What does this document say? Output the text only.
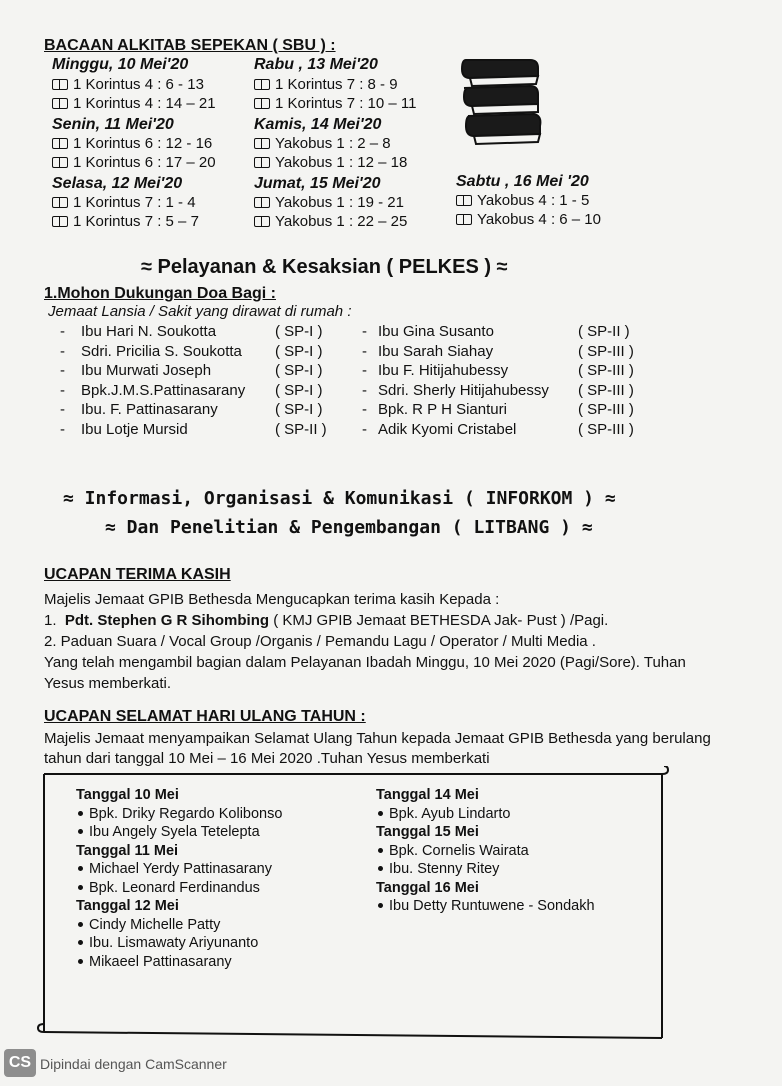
BACAAN ALKITAB SEPEKAN ( SBU ) :
Minggu, 10 Mei'20
1 Korintus 4 : 6 - 13
1 Korintus 4 : 14 – 21
Senin, 11 Mei'20
1 Korintus 6 : 12 - 16
1 Korintus 6 : 17 – 20
Selasa, 12 Mei'20
1 Korintus 7 : 1 - 4
1 Korintus 7 : 5 – 7
Rabu , 13 Mei'20
1 Korintus 7 : 8 - 9
1 Korintus 7 : 10 – 11
Kamis, 14 Mei'20
Yakobus 1 : 2 – 8
Yakobus 1 : 12 – 18
Jumat, 15 Mei'20
Yakobus 1 : 19 - 21
Yakobus 1 : 22 – 25
Sabtu , 16 Mei '20
Yakobus 4 : 1 - 5
Yakobus 4 : 6 – 10
≈ Pelayanan & Kesaksian ( PELKES ) ≈
1.Mohon Dukungan Doa Bagi :
Jemaat Lansia / Sakit yang dirawat di rumah :
- Ibu Hari N. Soukotta	( SP-I )
- Sdri. Pricilia S. Soukotta ( SP-I )
- Ibu Murwati Joseph	( SP-I )
- Bpk.J.M.S.Pattinasarany ( SP-I )
- Ibu. F. Pattinasarany	( SP-I )
- Ibu Lotje Mursid	( SP-II )
- Ibu Gina Susanto	( SP-II )
- Ibu Sarah Siahay	( SP-III )
- Ibu F. Hitijahubessy	( SP-III )
- Sdri. Sherly Hitijahubessy ( SP-III )
- Bpk. R P H Sianturi	( SP-III )
- Adik Kyomi Cristabel	( SP-III )
≈ Informasi, Organisasi & Komunikasi ( INFORKOM ) ≈
≈ Dan Penelitian & Pengembangan ( LITBANG ) ≈
UCAPAN TERIMA KASIH
Majelis Jemaat GPIB Bethesda Mengucapkan terima kasih Kepada :
1. Pdt. Stephen G R Sihombing ( KMJ GPIB Jemaat BETHESDA Jak- Pust ) /Pagi.
2. Paduan Suara / Vocal Group /Organis / Pemandu Lagu / Operator / Multi Media .
Yang telah mengambil bagian dalam Pelayanan Ibadah Minggu, 10 Mei 2020 (Pagi/Sore). Tuhan
Yesus memberkati.
UCAPAN SELAMAT HARI ULANG TAHUN :
Majelis Jemaat menyampaikan Selamat Ulang Tahun kepada Jemaat GPIB Bethesda yang berulang
tahun dari tanggal 10 Mei – 16 Mei 2020 .Tuhan Yesus memberkati
Tanggal 10 Mei
Bpk. Driky Regardo Kolibonso
Ibu Angely Syela Tetelepta
Tanggal 11 Mei
Michael Yerdy Pattinasarany
Bpk. Leonard Ferdinandus
Tanggal 12 Mei
Cindy Michelle Patty
Ibu. Lismawaty Ariyunanto
Mikaeel Pattinasarany
Tanggal 14 Mei
Bpk. Ayub Lindarto
Tanggal 15 Mei
Bpk. Cornelis Wairata
Ibu. Stenny Ritey
Tanggal 16 Mei
Ibu Detty Runtuwene - Sondakh
CS Dipindai dengan CamScanner
